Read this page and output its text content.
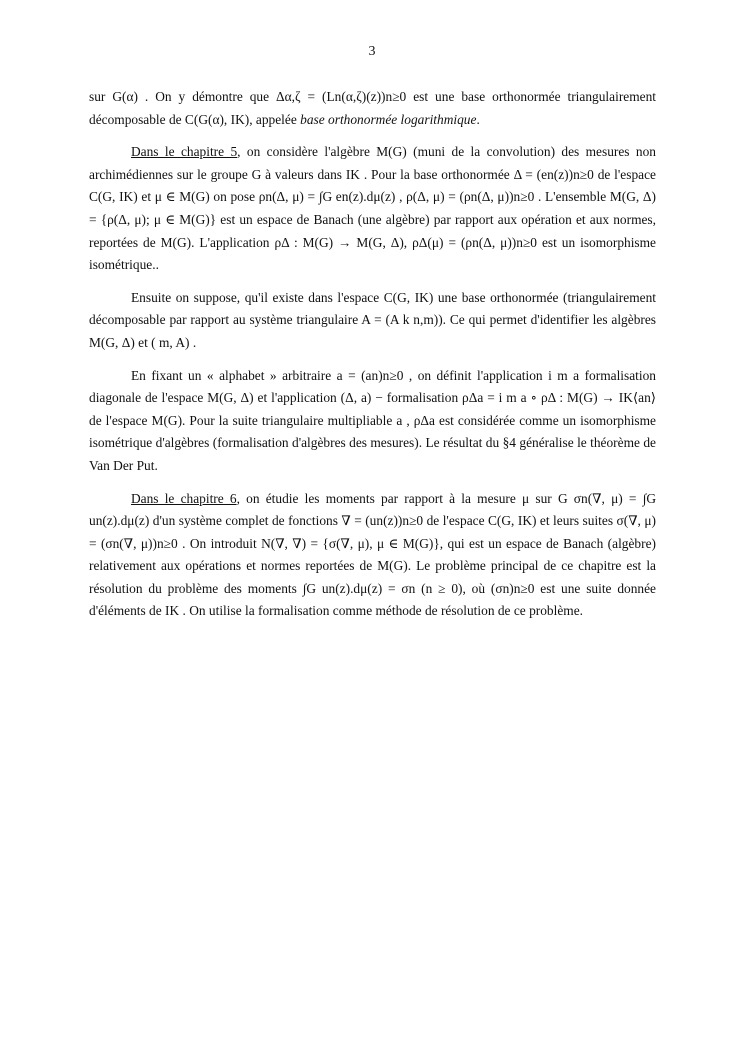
3

sur G(α) . On y démontre que Δα,ζ = (Ln(α,ζ)(z))n≥0 est une base orthonormée triangulairement décomposable de C(G(α), IK), appelée base orthonormée logarithmique.

Dans le chapitre 5, on considère l'algèbre M(G) (muni de la convolution) des mesures non archimédiennes sur le groupe G à valeurs dans IK . Pour la base orthonormée Δ = (en(z))n≥0 de l'espace C(G, IK) et μ ∈ M(G) on pose ρn(Δ, μ) = ∫G en(z).dμ(z) , ρ(Δ, μ) = (ρn(Δ, μ))n≥0 . L'ensemble M(G, Δ) = {ρ(Δ, μ); μ ∈ M(G)} est un espace de Banach (une algèbre) par rapport aux opération et aux normes, reportées de M(G). L'application ρΔ : M(G) → M(G, Δ), ρΔ(μ) = (ρn(Δ, μ))n≥0 est un isomorphisme isométrique..

Ensuite on suppose, qu'il existe dans l'espace C(G, IK) une base orthonormée (triangulairement décomposable par rapport au système triangulaire A = (A k n,m)). Ce qui permet d'identifier les algèbres M(G, Δ) et ( m, A) .

En fixant un « alphabet » arbitraire a = (an)n≥0 , on définit l'application i m a formalisation diagonale de l'espace M(G, Δ) et l'application (Δ, a) − formalisation ρΔa = i m a ∘ ρΔ : M(G) → IK⟨an⟩ de l'espace M(G). Pour la suite triangulaire multipliable a , ρΔa est considérée comme un isomorphisme isométrique d'algèbres (formalisation d'algèbres des mesures). Le résultat du §4 généralise le théorème de Van Der Put.

Dans le chapitre 6, on étudie les moments par rapport à la mesure μ sur G σn(∇, μ) = ∫G un(z).dμ(z) d'un système complet de fonctions ∇ = (un(z))n≥0 de l'espace C(G, IK) et leurs suites σ(∇, μ) = (σn(∇, μ))n≥0 . On introduit N(∇, ∇) = {σ(∇, μ), μ ∈ M(G)}, qui est un espace de Banach (algèbre) relativement aux opérations et normes reportées de M(G). Le problème principal de ce chapitre est la résolution du problème des moments ∫G un(z).dμ(z) = σn (n ≥ 0), où (σn)n≥0 est une suite donnée d'éléments de IK . On utilise la formalisation comme méthode de résolution de ce problème.
